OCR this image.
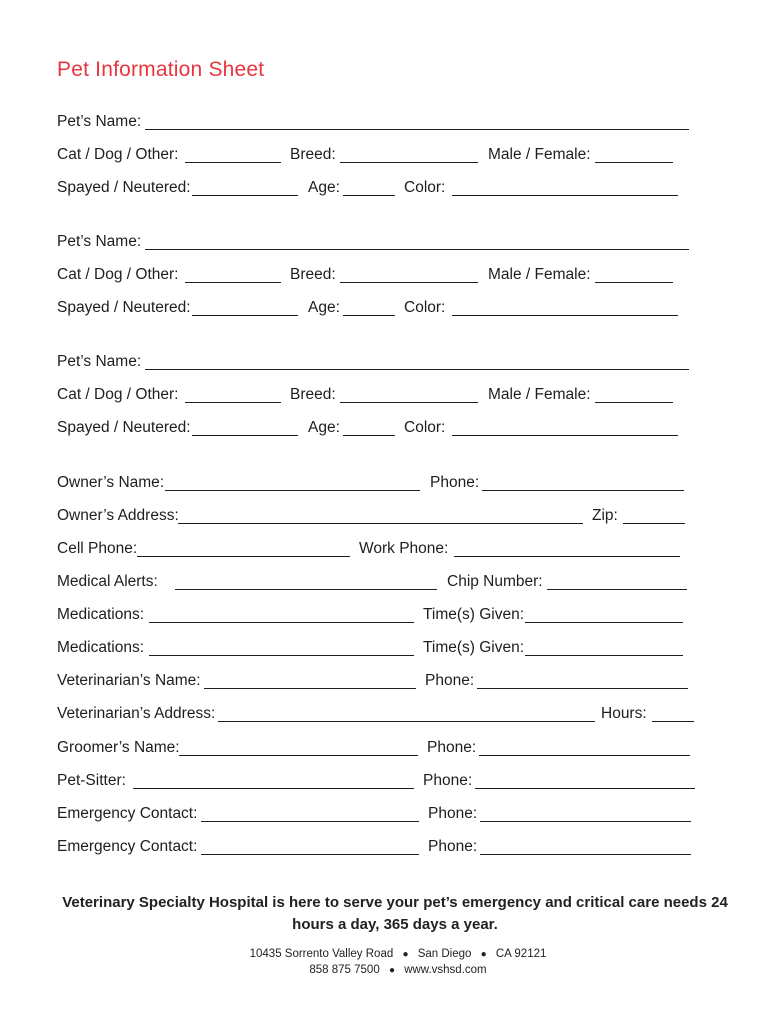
Pet Information Sheet
Pet’s Name:
Cat / Dog / Other:	Breed:	Male / Female:
Spayed / Neutered:	Age:	Color:
Pet’s Name:
Cat / Dog / Other:	Breed:	Male / Female:
Spayed / Neutered:	Age:	Color:
Pet’s Name:
Cat / Dog / Other:	Breed:	Male / Female:
Spayed / Neutered:	Age:	Color:
Owner’s Name:	Phone:
Owner’s Address:	Zip:
Cell Phone:	Work Phone:
Medical Alerts:	Chip Number:
Medications:	Time(s) Given:
Medications:	Time(s) Given:
Veterinarian’s Name:	Phone:
Veterinarian’s Address:	Hours:
Groomer’s Name:	Phone:
Pet-Sitter:	Phone:
Emergency Contact:	Phone:
Emergency Contact:	Phone:
Veterinary Specialty Hospital is here to serve your pet’s emergency and critical care needs 24 hours a day, 365 days a year.
10435 Sorrento Valley Road ● San Diego ● CA 92121
858 875 7500 ● www.vshsd.com
